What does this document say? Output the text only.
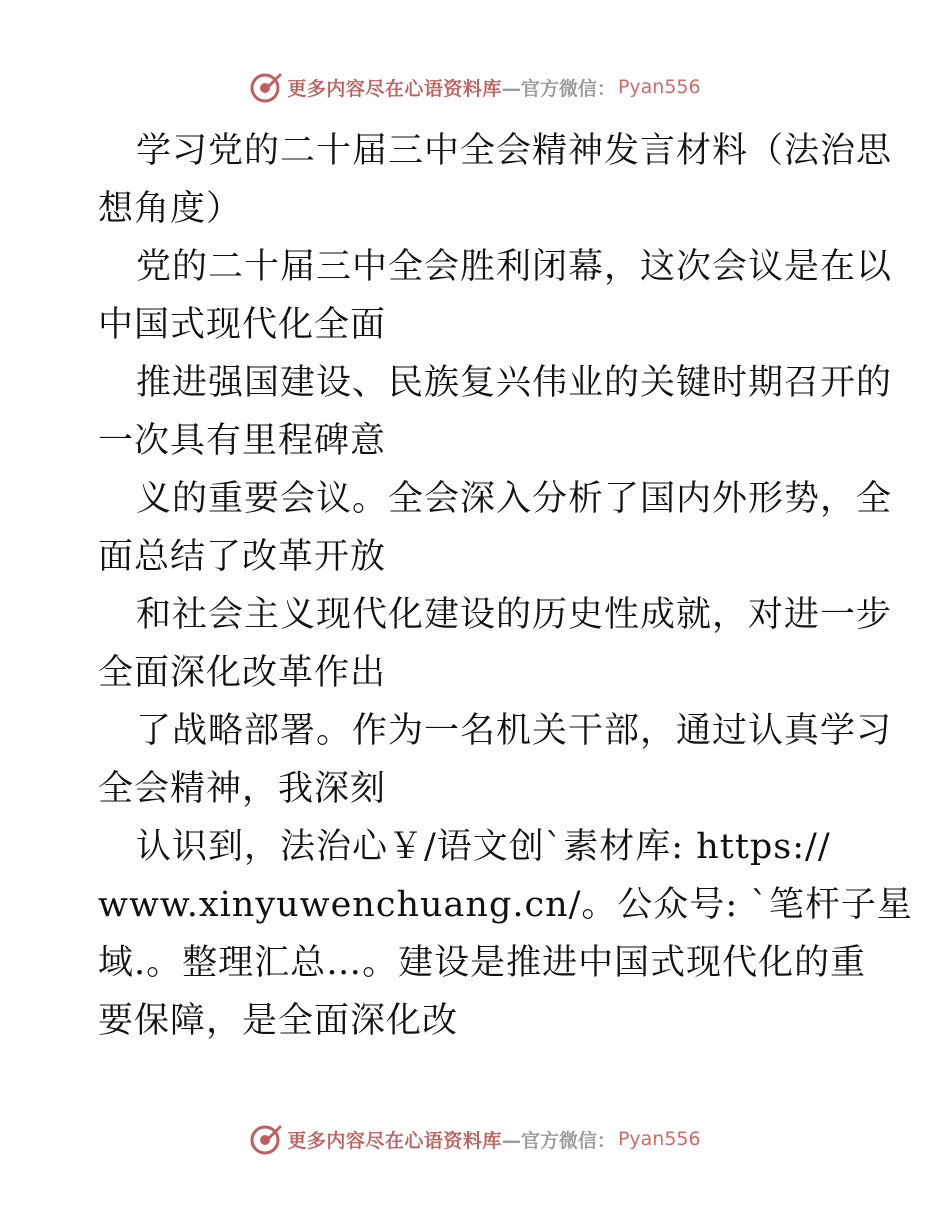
更多内容尽在心语资料库 —官方微信： Pyan556

学习党的二十届三中全会精神发言材料（法治思

想角度）

党的二十届三中全会胜利闭幕，这次会议是在以

中国式现代化全面

推进强国建设、民族复兴伟业的关键时期召开的

一次具有里程碑意

义的重要会议。全会深入分析了国内外形势，全

面总结了改革开放

和社会主义现代化建设的历史性成就，对进一步

全面深化改革作出

了战略部署。作为一名机关干部，通过认真学习

全会精神，我深刻

认识到，法治心￥/语文创`素材库: https://

www.xinyuwenchuang.cn/。公众号: `笔杆子星

域.。整理汇总…。建设是推进中国式现代化的重

要保障，是全面深化改

更多内容尽在心语资料库 —官方微信： Pyan556
